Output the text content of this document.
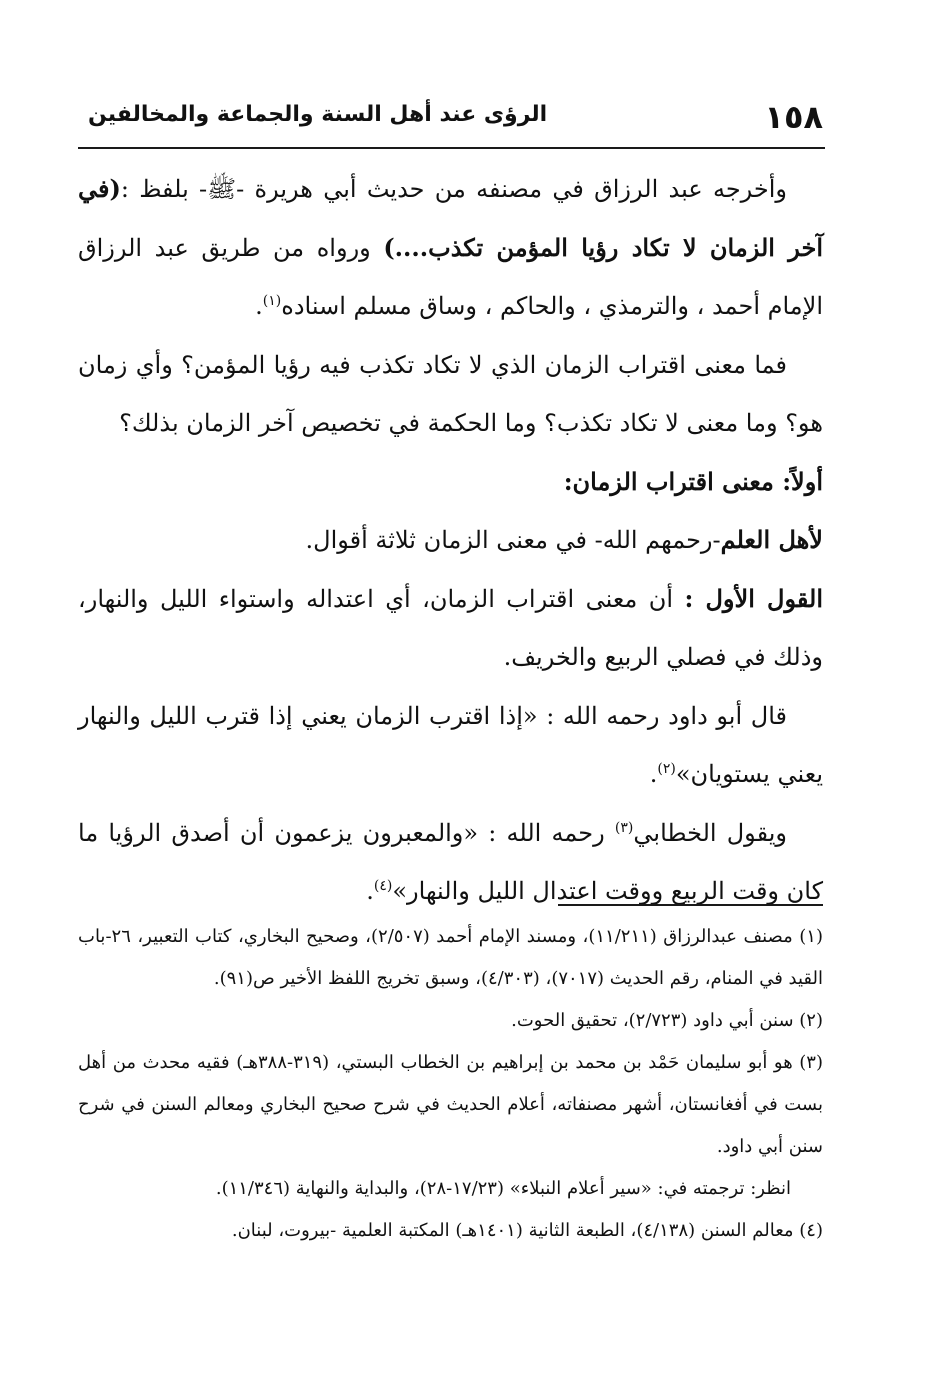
١٥٨
الرؤى عند أهل السنة والجماعة والمخالفين

وأخرجه عبد الرزاق في مصنفه من حديث أبي هريرة -ﷺ- بلفظ :(في آخر الزمان لا تكاد رؤيا المؤمن تكذب....) ورواه من طريق عبد الرزاق الإمام أحمد ، والترمذي ، والحاكم ، وساق مسلم اسناده$^{(١)}$.

فما معنى اقتراب الزمان الذي لا تكاد تكذب فيه رؤيا المؤمن؟ وأي زمان هو؟ وما معنى لا تكاد تكذب؟ وما الحكمة في تخصيص آخر الزمان بذلك؟

أولاً: معنى اقتراب الزمان:

لأهل العلم-رحمهم الله- في معنى الزمان ثلاثة أقوال.

القول الأول : أن معنى اقتراب الزمان، أي اعتداله واستواء الليل والنهار، وذلك في فصلي الربيع والخريف.

قال أبو داود رحمه الله : «إذا اقترب الزمان يعني إذا قترب الليل والنهار يعني يستويان»$^{(٢)}$.

ويقول الخطابي$^{(٣)}$ رحمه الله : «والمعبرون يزعمون أن أصدق الرؤيا ما كان وقت الربيع ووقت اعتدال الليل والنهار»$^{(٤)}$.

(١) مصنف عبدالرزاق (١١/٢١١)، ومسند الإمام أحمد (٢/٥٠٧)، وصحيح البخاري، كتاب التعبير، ٢٦-باب القيد في المنام، رقم الحديث (٧٠١٧)، (٤/٣٠٣)، وسبق تخريج اللفظ الأخير ص(٩١).

(٢) سنن أبي داود (٢/٧٢٣)، تحقيق الحوت.

(٣) هو أبو سليمان حَمْد بن محمد بن إبراهيم بن الخطاب البستي، (٣١٩-٣٨٨هـ) فقيه محدث من أهل بست في أفغانستان، أشهر مصنفاته، أعلام الحديث في شرح صحيح البخاري ومعالم السنن في شرح سنن أبي داود.

انظر: ترجمته في: «سير أعلام النبلاء» (١٧/٢٣-٢٨)، والبداية والنهاية (١١/٣٤٦).

(٤) معالم السنن (٤/١٣٨)، الطبعة الثانية (١٤٠١هـ) المكتبة العلمية -بيروت، لبنان.
